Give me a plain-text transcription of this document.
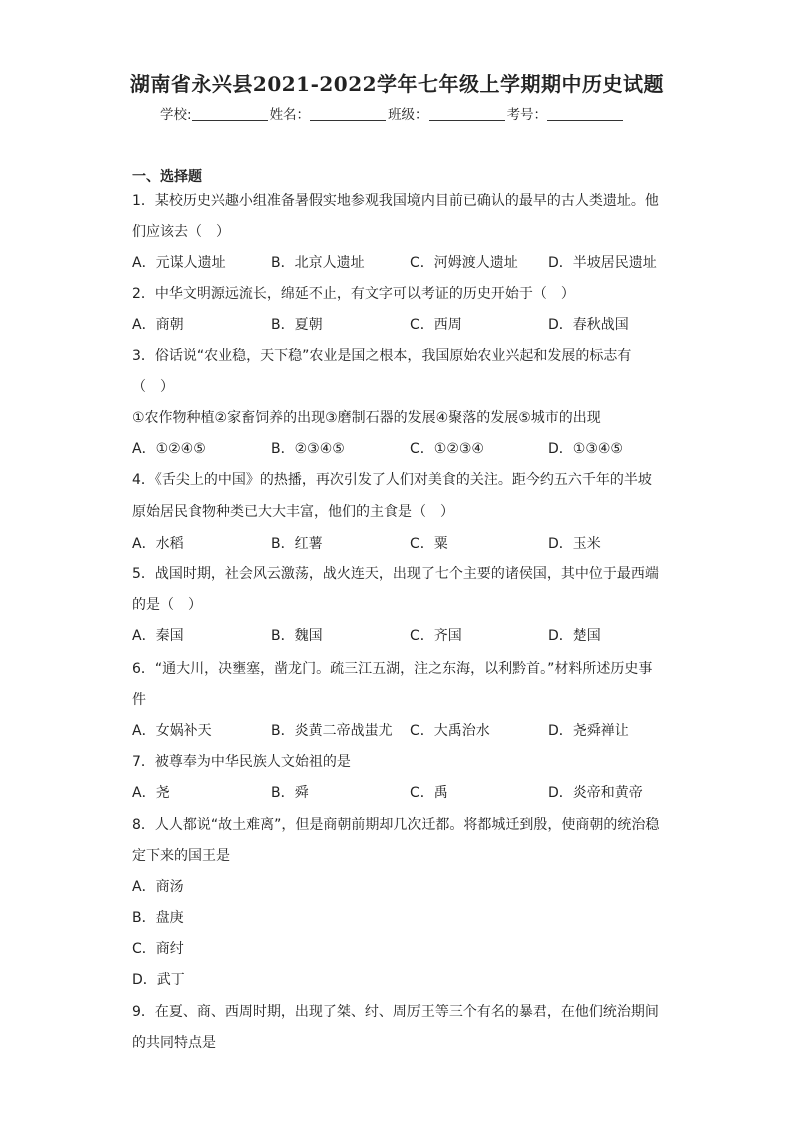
湖南省永兴县2021-2022学年七年级上学期期中历史试题
学校:	姓名：	班级：	考号：
一、选择题
1．某校历史兴趣小组准备暑假实地参观我国境内目前已确认的最早的古人类遗址。他
们应该去（　）
A．元谋人遗址	B．北京人遗址	C．河姆渡人遗址 D．半坡居民遗址
2．中华文明源远流长，绵延不止，有文字可以考证的历史开始于（　）
A．商朝	B．夏朝	C．西周	D．春秋战国
3．俗话说“农业稳，天下稳”农业是国之根本，我国原始农业兴起和发展的标志有
（　）
①农作物种植②家畜饲养的出现③磨制石器的发展④聚落的发展⑤城市的出现
A．①②④⑤	B．②③④⑤	C．①②③④	D．①③④⑤
4．《舌尖上的中国》的热播，再次引发了人们对美食的关注。距今约五六千年的半坡
原始居民食物种类已大大丰富，他们的主食是（　）
A．水稻	B．红薯	C．粟	D．玉米
5．战国时期，社会风云激荡，战火连天，出现了七个主要的诸侯国，其中位于最西端
的是（　）
A．秦国	B．魏国	C．齐国	D．楚国
6．“通大川，决壅塞，凿龙门。疏三江五湖，注之东海，以利黔首。”材料所述历史事
件
A．女娲补天	B．炎黄二帝战蚩尤 C．大禹治水	D．尧舜禅让
7．被尊奉为中华民族人文始祖的是
A．尧	B．舜	C．禹	D．炎帝和黄帝
8．人人都说“故土难离”，但是商朝前期却几次迁都。将都城迁到殷，使商朝的统治稳
定下来的国王是
A．商汤
B．盘庚
C．商纣
D．武丁
9．在夏、商、西周时期，出现了桀、纣、周厉王等三个有名的暴君，在他们统治期间
的共同特点是
